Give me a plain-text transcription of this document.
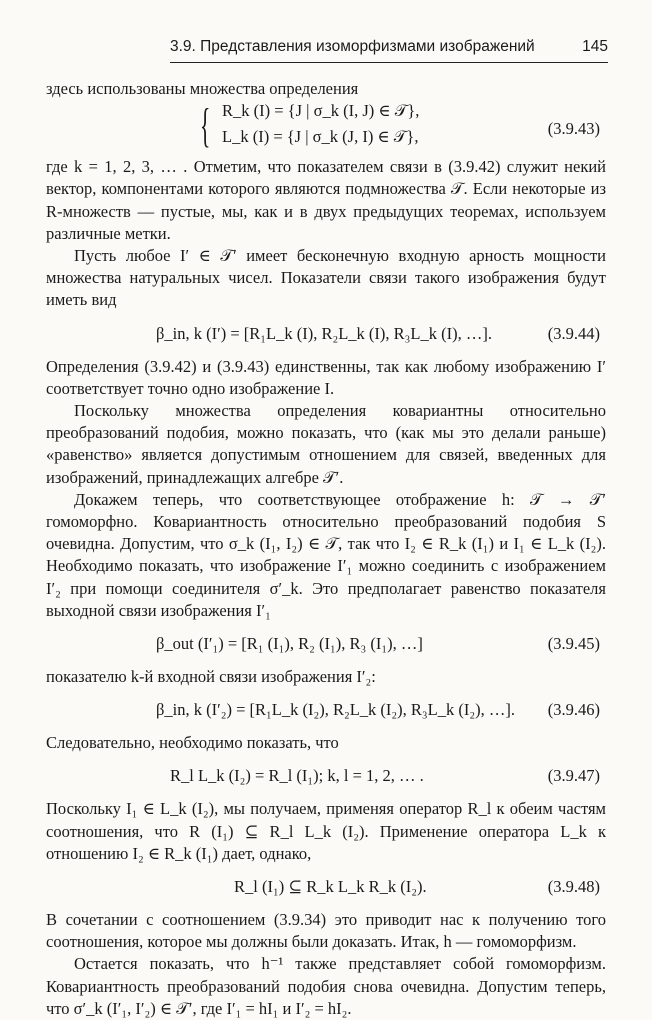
3.9. Представления изоморфизмами изображений	145

здесь использованы множества определения

{ R_k (I) = {J | σ_k (I, J) ∈ 𝒯},
L_k (I) = {J | σ_k (J, I) ∈ 𝒯},	(3.9.43)

где k = 1, 2, 3, … . Отметим, что показателем связи в (3.9.42) служит некий вектор, компонентами которого являются подмножества 𝒯. Если некоторые из R-множеств — пустые, мы, как и в двух предыдущих теоремах, используем различные метки.

Пусть любое I′ ∈ 𝒯′ имеет бесконечную входную арность мощности множества натуральных чисел. Показатели связи такого изображения будут иметь вид

β_in, k (I′) = [R₁L_k (I), R₂L_k (I), R₃L_k (I), …].	(3.9.44)

Определения (3.9.42) и (3.9.43) единственны, так как любому изображению I′ соответствует точно одно изображение I.

Поскольку множества определения ковариантны относительно преобразований подобия, можно показать, что (как мы это делали раньше) «равенство» является допустимым отношением для связей, введенных для изображений, принадлежащих алгебре 𝒯′.

Докажем теперь, что соответствующее отображение h: 𝒯 → 𝒯′ гомоморфно. Ковариантность относительно преобразований подобия S очевидна. Допустим, что σ_k (I₁, I₂) ∈ 𝒯, так что I₂ ∈ R_k (I₁) и I₁ ∈ L_k (I₂). Необходимо показать, что изображение I′₁ можно соединить с изображением I′₂ при помощи соединителя σ′_k. Это предполагает равенство показателя выходной связи изображения I′₁

β_out (I′₁) = [R₁ (I₁), R₂ (I₁), R₃ (I₁), …]	(3.9.45)

показателю k-й входной связи изображения I′₂:

β_in, k (I′₂) = [R₁L_k (I₂), R₂L_k (I₂), R₃L_k (I₂), …]. (3.9.46)

Следовательно, необходимо показать, что

R_l L_k (I₂) = R_l (I₁); k, l = 1, 2, … .	(3.9.47)

Поскольку I₁ ∈ L_k (I₂), мы получаем, применяя оператор R_l к обеим частям соотношения, что R (I₁) ⊆ R_l L_k (I₂). Применение оператора L_k к отношению I₂ ∈ R_k (I₁) дает, однако,

R_l (I₁) ⊆ R_k L_k R_k (I₂).	(3.9.48)

В сочетании с соотношением (3.9.34) это приводит нас к получению того соотношения, которое мы должны были доказать. Итак, h — гомоморфизм.

Остается показать, что h⁻¹ также представляет собой гомоморфизм. Ковариантность преобразований подобия снова очевидна. Допустим теперь, что σ′_k (I′₁, I′₂) ∈ 𝒯′, где I′₁ = hI₁ и I′₂ = hI₂.
